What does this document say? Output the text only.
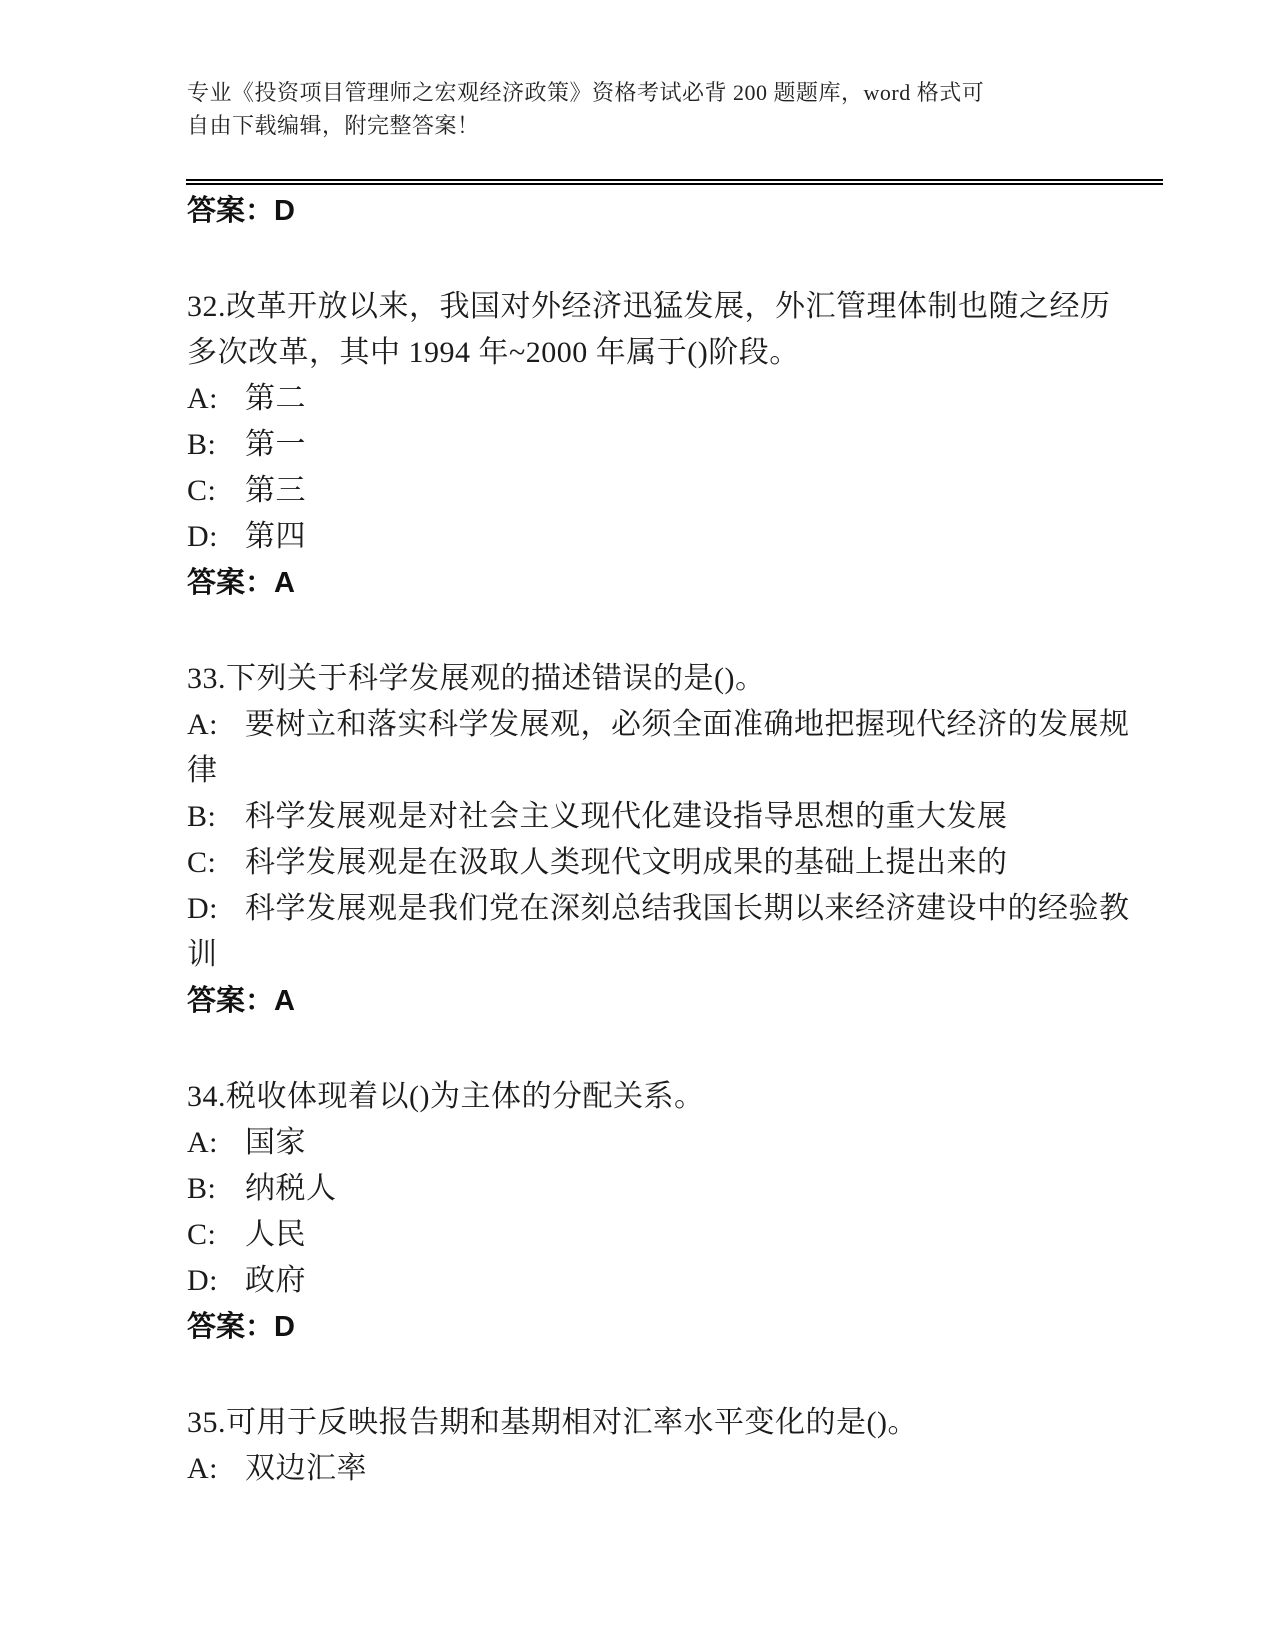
专业《投资项目管理师之宏观经济政策》资格考试必背 200 题题库，word 格式可
自由下载编辑，附完整答案！
答案：D
32.改革开放以来，我国对外经济迅猛发展，外汇管理体制也随之经历
多次改革，其中 1994 年~2000 年属于()阶段。
A: 第二
B: 第一
C: 第三
D: 第四
答案：A
33.下列关于科学发展观的描述错误的是()。
A: 要树立和落实科学发展观，必须全面准确地把握现代经济的发展规
律
B: 科学发展观是对社会主义现代化建设指导思想的重大发展
C: 科学发展观是在汲取人类现代文明成果的基础上提出来的
D: 科学发展观是我们党在深刻总结我国长期以来经济建设中的经验教
训
答案：A
34.税收体现着以()为主体的分配关系。
A: 国家
B: 纳税人
C: 人民
D: 政府
答案：D
35.可用于反映报告期和基期相对汇率水平变化的是()。
A: 双边汇率
